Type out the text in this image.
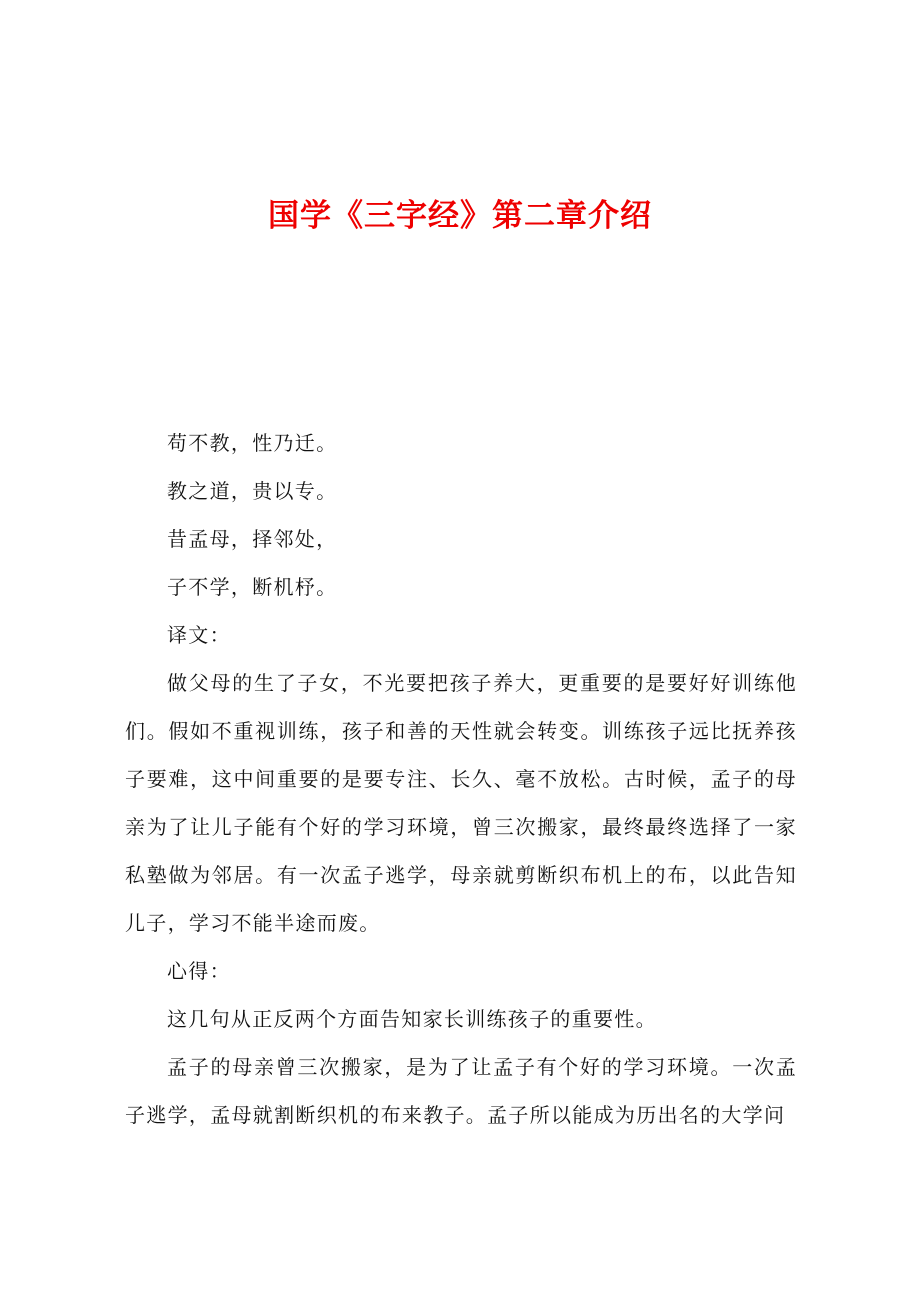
国学《三字经》第二章介绍

苟不教，性乃迁。

教之道，贵以专。

昔孟母，择邻处，

子不学，断机杼。

译文：

做父母的生了子女，不光要把孩子养大，更重要的是要好好训练他们。假如不重视训练，孩子和善的天性就会转变。训练孩子远比抚养孩子要难，这中间重要的是要专注、长久、毫不放松。古时候，孟子的母亲为了让儿子能有个好的学习环境，曾三次搬家，最终最终选择了一家私塾做为邻居。有一次孟子逃学，母亲就剪断织布机上的布，以此告知儿子，学习不能半途而废。

心得：

这几句从正反两个方面告知家长训练孩子的重要性。

孟子的母亲曾三次搬家，是为了让孟子有个好的学习环境。一次孟子逃学，孟母就割断织机的布来教子。孟子所以能成为历出名的大学问
